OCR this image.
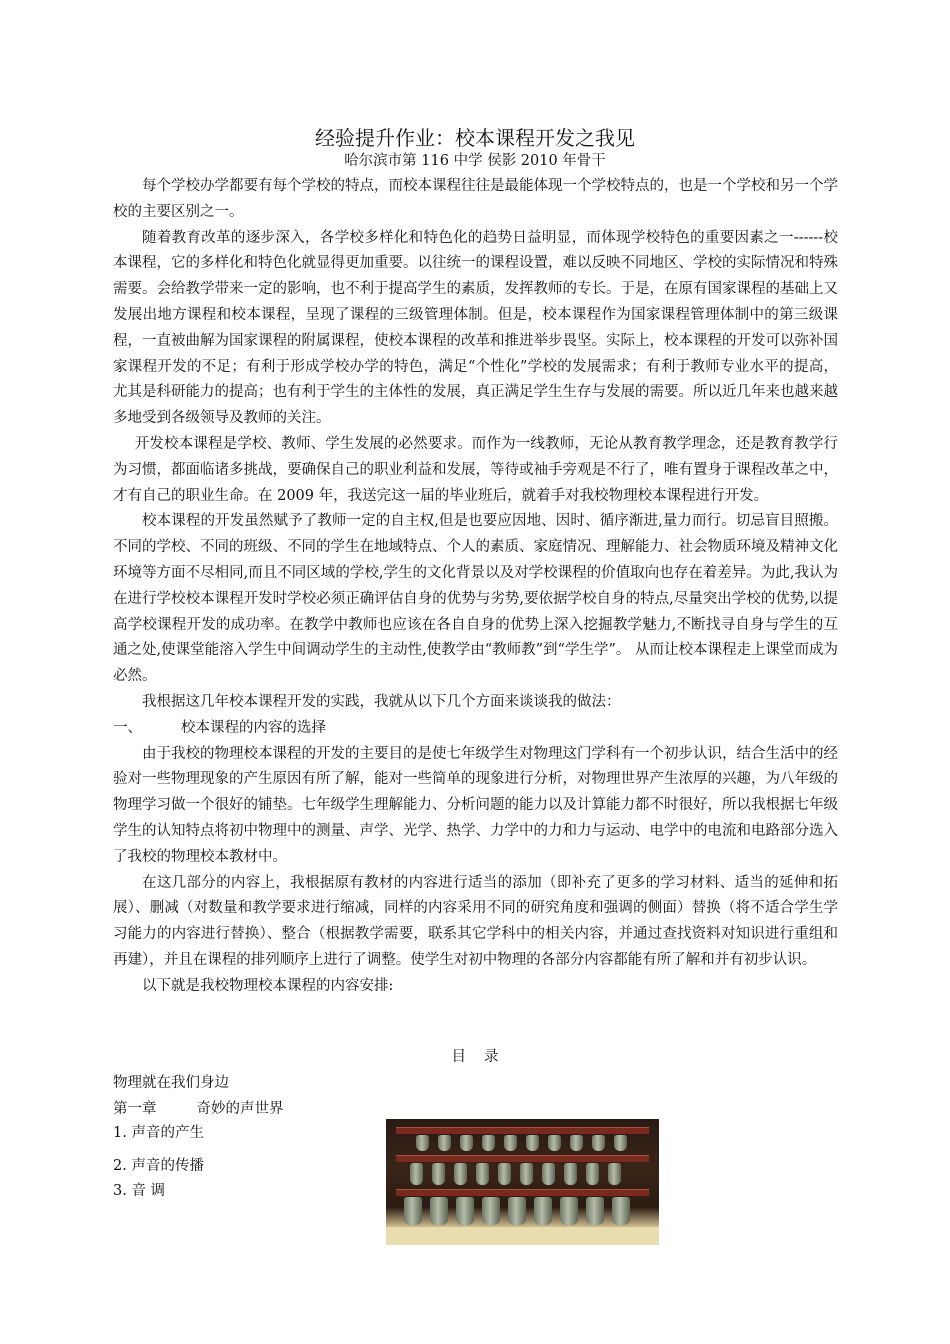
经验提升作业：校本课程开发之我见
哈尔滨市第 116 中学 侯影 2010 年骨干

每个学校办学都要有每个学校的特点，而校本课程往往是最能体现一个学校特点的，也是一个学校和另一个学校的主要区别之一。

随着教育改革的逐步深入，各学校多样化和特色化的趋势日益明显，而体现学校特色的重要因素之一------校本课程，它的多样化和特色化就显得更加重要。以往统一的课程设置，难以反映不同地区、学校的实际情况和特殊需要。会给教学带来一定的影响，也不利于提高学生的素质，发挥教师的专长。于是，在原有国家课程的基础上又发展出地方课程和校本课程，呈现了课程的三级管理体制。但是，校本课程作为国家课程管理体制中的第三级课程，一直被曲解为国家课程的附属课程，使校本课程的改革和推进举步畏坚。实际上，校本课程的开发可以弥补国家课程开发的不足；有利于形成学校办学的特色，满足“个性化”学校的发展需求；有利于教师专业水平的提高，尤其是科研能力的提高；也有利于学生的主体性的发展，真正满足学生生存与发展的需要。所以近几年来也越来越多地受到各级领导及教师的关注。

开发校本课程是学校、教师、学生发展的必然要求。而作为一线教师，无论从教育教学理念，还是教育教学行为习惯，都面临诸多挑战，要确保自己的职业利益和发展，等待或袖手旁观是不行了，唯有置身于课程改革之中，才有自己的职业生命。在 2009 年，我送完这一届的毕业班后，就着手对我校物理校本课程进行开发。

校本课程的开发虽然赋予了教师一定的自主权,但是也要应因地、因时、循序渐进,量力而行。切忌盲目照搬。不同的学校、不同的班级、不同的学生在地域特点、个人的素质、家庭情况、理解能力、社会物质环境及精神文化环境等方面不尽相同,而且不同区域的学校,学生的文化背景以及对学校课程的价值取向也存在着差异。为此,我认为在进行学校校本课程开发时学校必须正确评估自身的优势与劣势,要依据学校自身的特点,尽量突出学校的优势,以提高学校课程开发的成功率。在教学中教师也应该在各自自身的优势上深入挖掘教学魅力,不断找寻自身与学生的互通之处,使课堂能溶入学生中间调动学生的主动性,使教学由“教师教”到“学生学”。 从而让校本课程走上课堂而成为必然。

我根据这几年校本课程开发的实践，我就从以下几个方面来谈谈我的做法：

一、	校本课程的内容的选择

由于我校的物理校本课程的开发的主要目的是使七年级学生对物理这门学科有一个初步认识，结合生活中的经验对一些物理现象的产生原因有所了解，能对一些简单的现象进行分析，对物理世界产生浓厚的兴趣，为八年级的物理学习做一个很好的铺垫。七年级学生理解能力、分析问题的能力以及计算能力都不时很好，所以我根据七年级学生的认知特点将初中物理中的测量、声学、光学、热学、力学中的力和力与运动、电学中的电流和电路部分选入了我校的物理校本教材中。

在这几部分的内容上，我根据原有教材的内容进行适当的添加（即补充了更多的学习材料、适当的延伸和拓展）、删减（对数量和教学要求进行缩减，同样的内容采用不同的研究角度和强调的侧面）替换（将不适合学生学习能力的内容进行替换）、整合（根据教学需要，联系其它学科中的相关内容，并通过查找资料对知识进行重组和再建），并且在课程的排列顺序上进行了调整。使学生对初中物理的各部分内容都能有所了解和并有初步认识。

以下就是我校物理校本课程的内容安排:

目 录
物理就在我们身边
第一章	奇妙的声世界
1. 声音的产生
2. 声音的传播
3. 音 调
